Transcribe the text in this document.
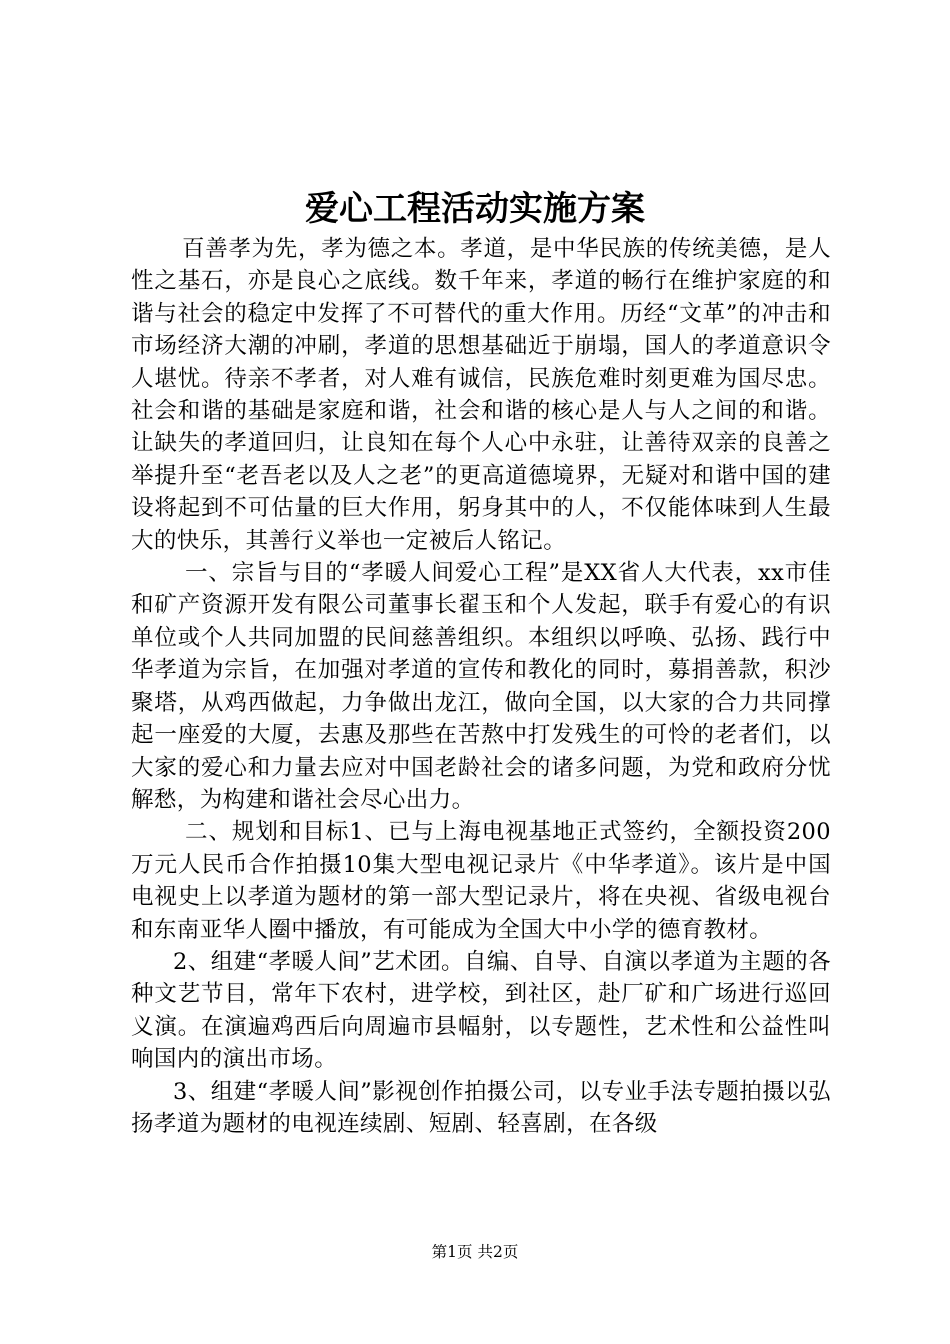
爱心工程活动实施方案

百善孝为先，孝为德之本。孝道，是中华民族的传统美德，是人性之基石，亦是良心之底线。数千年来，孝道的畅行在维护家庭的和谐与社会的稳定中发挥了不可替代的重大作用。历经“文革”的冲击和市场经济大潮的冲刷，孝道的思想基础近于崩塌，国人的孝道意识令人堪忧。待亲不孝者，对人难有诚信，民族危难时刻更难为国尽忠。社会和谐的基础是家庭和谐，社会和谐的核心是人与人之间的和谐。让缺失的孝道回归，让良知在每个人心中永驻，让善待双亲的良善之举提升至“老吾老以及人之老”的更高道德境界，无疑对和谐中国的建设将起到不可估量的巨大作用，躬身其中的人，不仅能体味到人生最大的快乐，其善行义举也一定被后人铭记。

一、宗旨与目的“孝暖人间爱心工程”是XX省人大代表，xx市佳和矿产资源开发有限公司董事长翟玉和个人发起，联手有爱心的有识单位或个人共同加盟的民间慈善组织。本组织以呼唤、弘扬、践行中华孝道为宗旨，在加强对孝道的宣传和教化的同时，募捐善款，积沙聚塔，从鸡西做起，力争做出龙江，做向全国，以大家的合力共同撑起一座爱的大厦，去惠及那些在苦熬中打发残生的可怜的老者们，以大家的爱心和力量去应对中国老龄社会的诸多问题，为党和政府分忧解愁，为构建和谐社会尽心出力。

二、规划和目标1、已与上海电视基地正式签约，全额投资200万元人民币合作拍摄10集大型电视记录片《中华孝道》。该片是中国电视史上以孝道为题材的第一部大型记录片，将在央视、省级电视台和东南亚华人圈中播放，有可能成为全国大中小学的德育教材。

2、组建“孝暖人间”艺术团。自编、自导、自演以孝道为主题的各种文艺节目，常年下农村，进学校，到社区，赴厂矿和广场进行巡回义演。在演遍鸡西后向周遍市县幅射，以专题性，艺术性和公益性叫响国内的演出市场。

3、组建“孝暖人间”影视创作拍摄公司，以专业手法专题拍摄以弘扬孝道为题材的电视连续剧、短剧、轻喜剧，在各级

第1页 共2页
